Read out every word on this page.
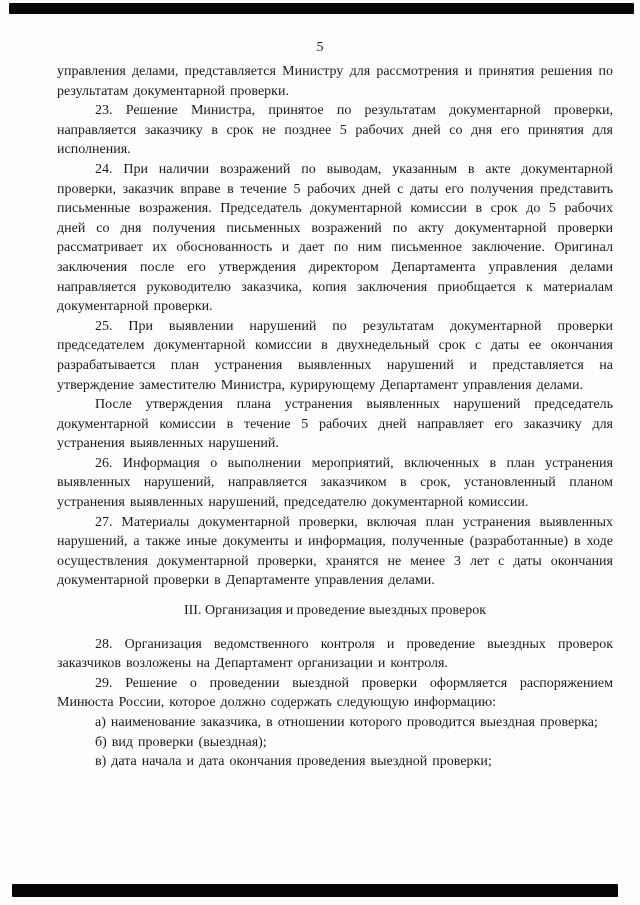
5

управления делами, представляется Министру для рассмотрения и принятия решения по результатам документарной проверки.

23. Решение Министра, принятое по результатам документарной проверки, направляется заказчику в срок не позднее 5 рабочих дней со дня его принятия для исполнения.

24. При наличии возражений по выводам, указанным в акте документарной проверки, заказчик вправе в течение 5 рабочих дней с даты его получения представить письменные возражения. Председатель документарной комиссии в срок до 5 рабочих дней со дня получения письменных возражений по акту документарной проверки рассматривает их обоснованность и дает по ним письменное заключение. Оригинал заключения после его утверждения директором Департамента управления делами направляется руководителю заказчика, копия заключения приобщается к материалам документарной проверки.

25. При выявлении нарушений по результатам документарной проверки председателем документарной комиссии в двухнедельный срок с даты ее окончания разрабатывается план устранения выявленных нарушений и представляется на утверждение заместителю Министра, курирующему Департамент управления делами.

После утверждения плана устранения выявленных нарушений председатель документарной комиссии в течение 5 рабочих дней направляет его заказчику для устранения выявленных нарушений.

26. Информация о выполнении мероприятий, включенных в план устранения выявленных нарушений, направляется заказчиком в срок, установленный планом устранения выявленных нарушений, председателю документарной комиссии.

27. Материалы документарной проверки, включая план устранения выявленных нарушений, а также иные документы и информация, полученные (разработанные) в ходе осуществления документарной проверки, хранятся не менее 3 лет с даты окончания документарной проверки в Департаменте управления делами.

III. Организация и проведение выездных проверок

28. Организация ведомственного контроля и проведение выездных проверок заказчиков возложены на Департамент организации и контроля.

29. Решение о проведении выездной проверки оформляется распоряжением Минюста России, которое должно содержать следующую информацию:

а) наименование заказчика, в отношении которого проводится выездная проверка;

б) вид проверки (выездная);

в) дата начала и дата окончания проведения выездной проверки;
